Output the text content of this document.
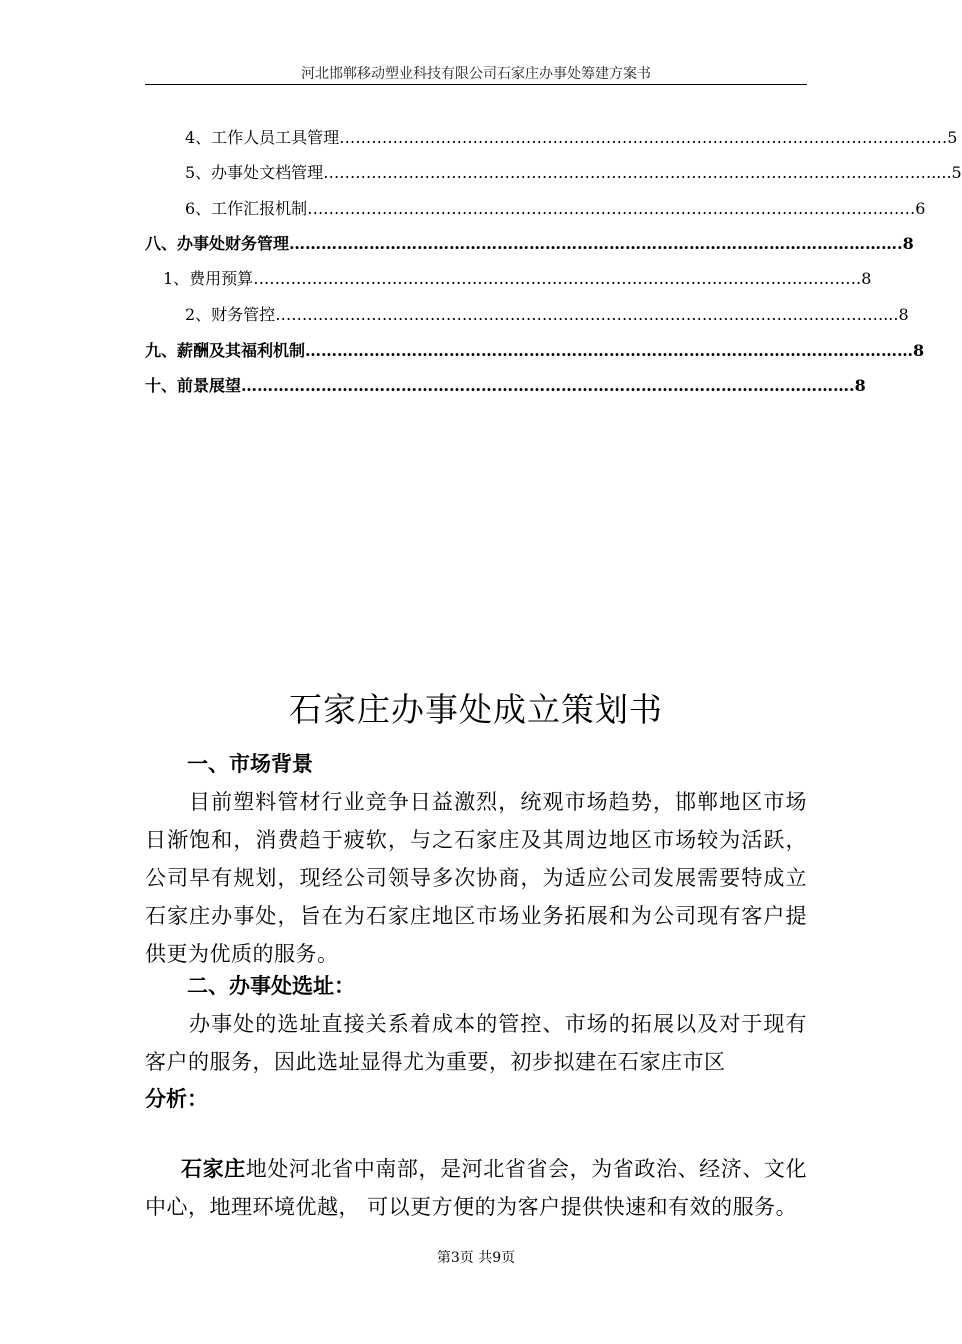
河北邯郸移动塑业科技有限公司石家庄办事处筹建方案书
4、工作人员工具管理 …………………………………………………………………………………………………… 5
5、办事处文档管理 …………………………………………………………………………………………………… ....5
6、工作汇报机制 …………………………………………………………………………………………………… 6
八、办事处财务管理 …………………………………………………………………………………………………… .8
1、费用预算 …………………………………………………………………………………………………… 8
2、财务管控 …………………………………………………………………………………………………… ...8
九、薪酬及其福利机制 …………………………………………………………………………………………………… 8
十、前景展望 …………………………………………………………………………………………………… .8
石家庄办事处成立策划书
一、市场背景
目前塑料管材行业竞争日益激烈，统观市场趋势，邯郸地区市场日渐饱和，消费趋于疲软，与之石家庄及其周边地区市场较为活跃，公司早有规划，现经公司领导多次协商，为适应公司发展需要特成立石家庄办事处，旨在为石家庄地区市场业务拓展和为公司现有客户提供更为优质的服务。
二、办事处选址：
办事处的选址直接关系着成本的管控、市场的拓展以及对于现有客户的服务，因此选址显得尤为重要，初步拟建在石家庄市区
分析：
石家庄地处河北省中南部，是河北省省会，为省政治、经济、文化中心，地理环境优越， 可以更方便的为客户提供快速和有效的服务。
第3页 共9页
